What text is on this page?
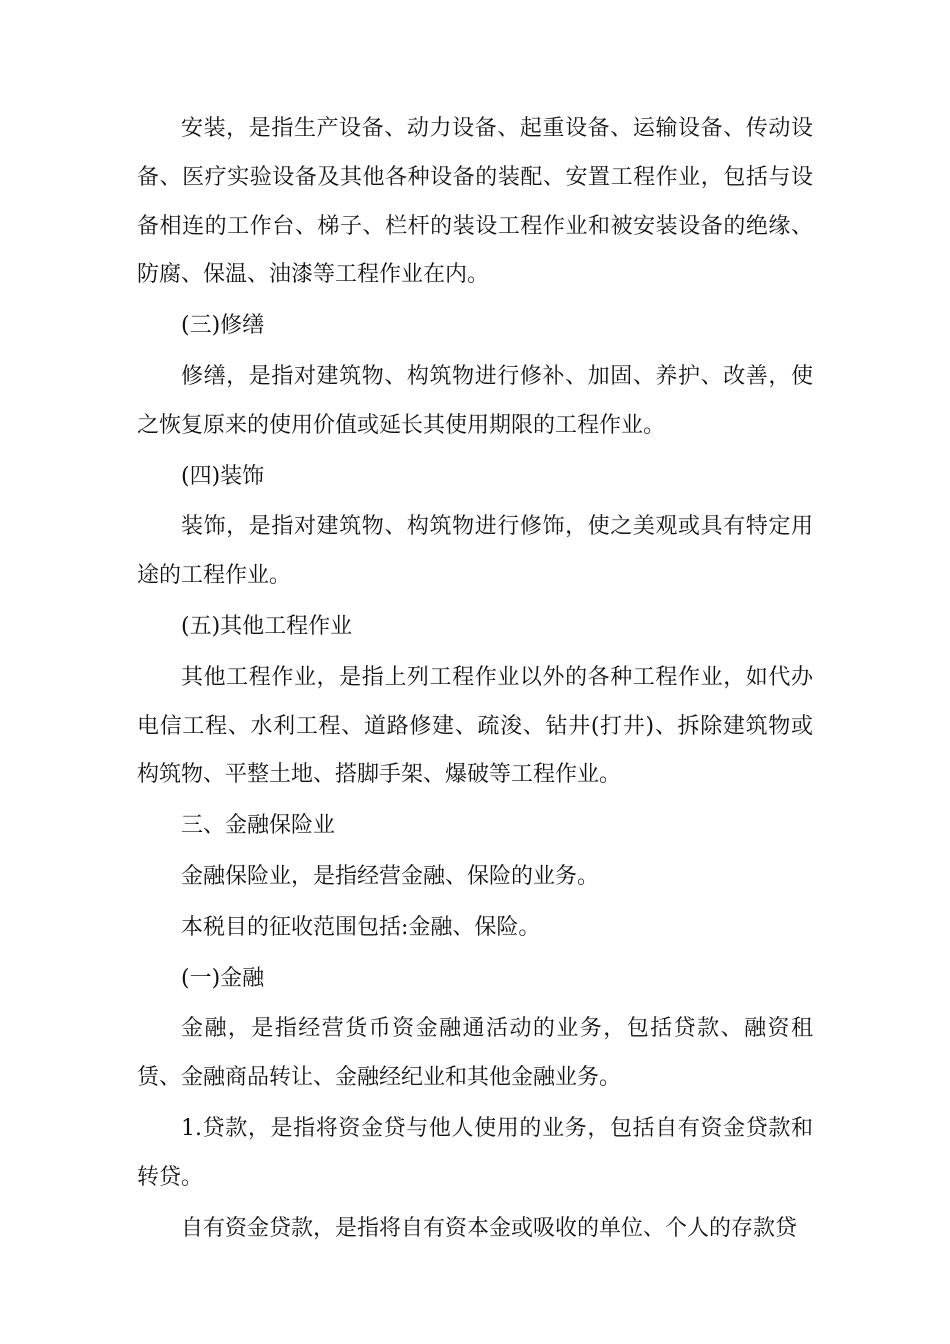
安装，是指生产设备、动力设备、起重设备、运输设备、传动设备、医疗实验设备及其他各种设备的装配、安置工程作业，包括与设备相连的工作台、梯子、栏杆的装设工程作业和被安装设备的绝缘、防腐、保温、油漆等工程作业在内。

(三)修缮

修缮，是指对建筑物、构筑物进行修补、加固、养护、改善，使之恢复原来的使用价值或延长其使用期限的工程作业。

(四)装饰

装饰，是指对建筑物、构筑物进行修饰，使之美观或具有特定用途的工程作业。

(五)其他工程作业

其他工程作业，是指上列工程作业以外的各种工程作业，如代办电信工程、水利工程、道路修建、疏浚、钻井(打井)、拆除建筑物或构筑物、平整土地、搭脚手架、爆破等工程作业。

三、金融保险业

金融保险业，是指经营金融、保险的业务。

本税目的征收范围包括:金融、保险。

(一)金融

金融，是指经营货币资金融通活动的业务，包括贷款、融资租赁、金融商品转让、金融经纪业和其他金融业务。

1.贷款，是指将资金贷与他人使用的业务，包括自有资金贷款和转贷。

自有资金贷款，是指将自有资本金或吸收的单位、个人的存款贷
